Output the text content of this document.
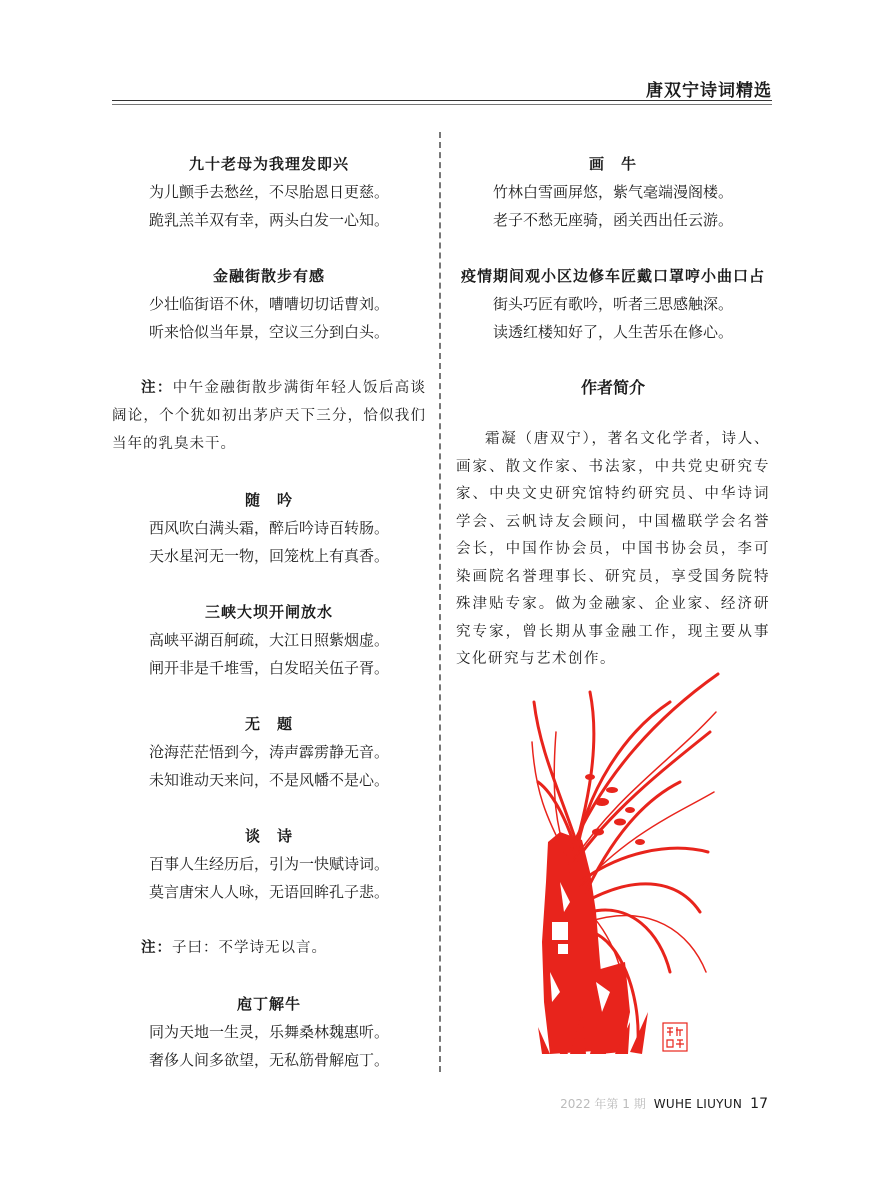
唐双宁诗词精选
九十老母为我理发即兴
为儿颤手去愁丝，不尽胎恩日更慈。
跪乳羔羊双有幸，两头白发一心知。
金融街散步有感
少壮临街语不休，嘈嘈切切话曹刘。
听来恰似当年景，空议三分到白头。
注：中午金融街散步满街年轻人饭后高谈阔论，个个犹如初出茅庐天下三分，恰似我们当年的乳臭未干。
随　吟
西风吹白满头霜，醉后吟诗百转肠。
天水星河无一物，回笼枕上有真香。
三峡大坝开闸放水
高峡平湖百舸疏，大江日照紫烟虚。
闸开非是千堆雪，白发昭关伍子胥。
无　题
沧海茫茫悟到今，涛声霹雳静无音。
未知谁动天来问，不是风幡不是心。
谈　诗
百事人生经历后，引为一快赋诗词。
莫言唐宋人人咏，无语回眸孔子悲。
注：子曰：不学诗无以言。
庖丁解牛
同为天地一生灵，乐舞桑林魏惠听。
奢侈人间多欲望，无私筋骨解庖丁。
画　牛
竹林白雪画屏悠，紫气毫端漫阁楼。
老子不愁无座骑，函关西出任云游。
疫情期间观小区边修车匠戴口罩哼小曲口占
街头巧匠有歌吟，听者三思感触深。
读透红楼知好了，人生苦乐在修心。
作者简介
霜凝（唐双宁），著名文化学者，诗人、画家、散文作家、书法家，中共党史研究专家、中央文史研究馆特约研究员、中华诗词学会、云帆诗友会顾问，中国楹联学会名誉会长，中国作协会员，中国书协会员，李可染画院名誉理事长、研究员，享受国务院特殊津贴专家。做为金融家、企业家、经济研究专家，曾长期从事金融工作，现主要从事文化研究与艺术创作。
2022 年第 1 期 WUHE LIUYUN 17
